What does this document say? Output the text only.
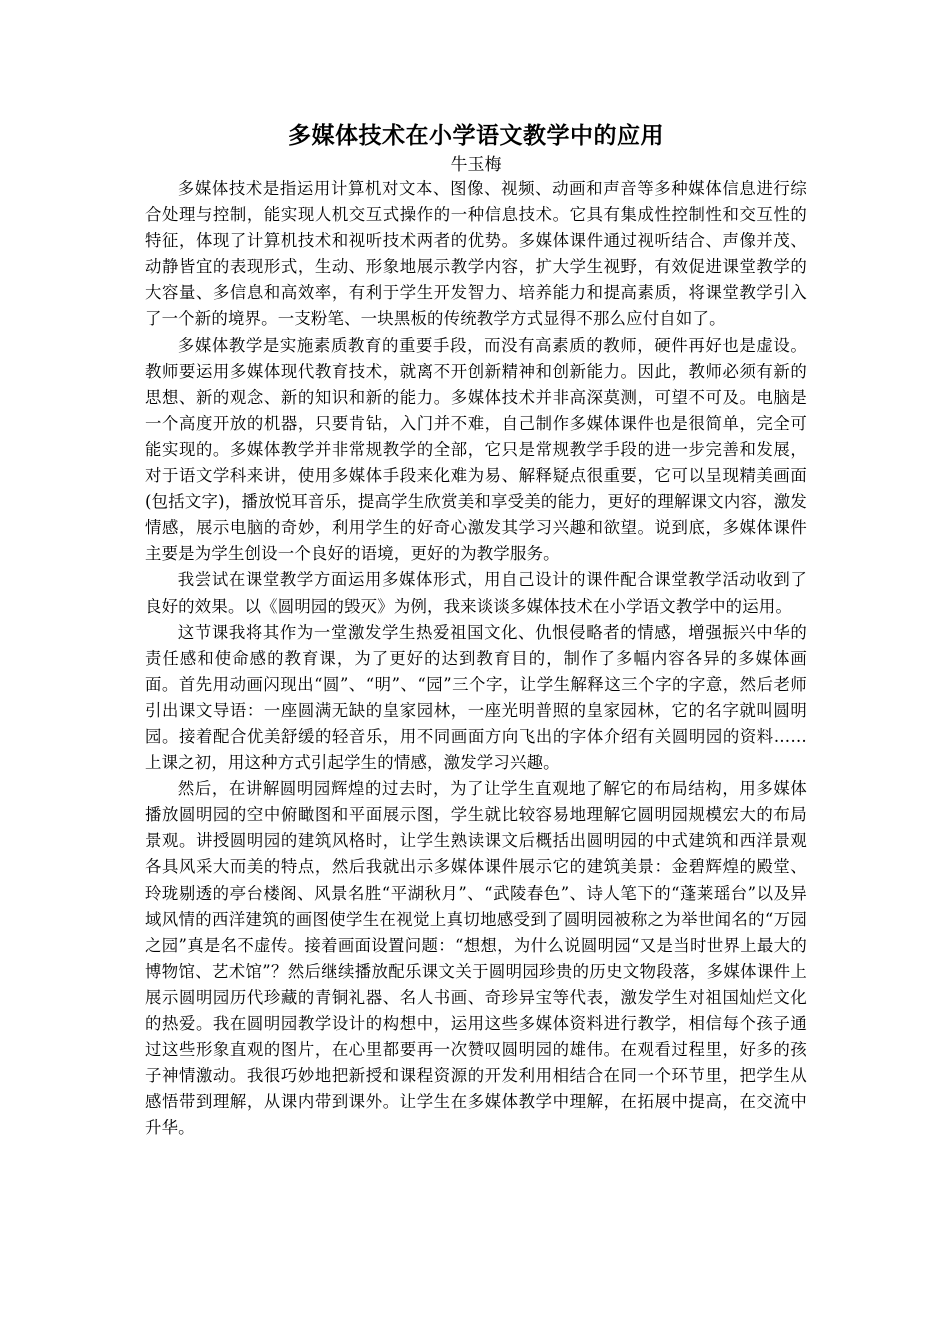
多媒体技术在小学语文教学中的应用

牛玉梅

多媒体技术是指运用计算机对文本、图像、视频、动画和声音等多种媒体信息进行综合处理与控制，能实现人机交互式操作的一种信息技术。它具有集成性控制性和交互性的特征，体现了计算机技术和视听技术两者的优势。多媒体课件通过视听结合、声像并茂、动静皆宜的表现形式，生动、形象地展示教学内容，扩大学生视野，有效促进课堂教学的大容量、多信息和高效率，有利于学生开发智力、培养能力和提高素质，将课堂教学引入了一个新的境界。一支粉笔、一块黑板的传统教学方式显得不那么应付自如了。

多媒体教学是实施素质教育的重要手段，而没有高素质的教师，硬件再好也是虚设。教师要运用多媒体现代教育技术，就离不开创新精神和创新能力。因此，教师必须有新的思想、新的观念、新的知识和新的能力。多媒体技术并非高深莫测，可望不可及。电脑是一个高度开放的机器，只要肯钻，入门并不难，自己制作多媒体课件也是很简单，完全可能实现的。多媒体教学并非常规教学的全部，它只是常规教学手段的进一步完善和发展，对于语文学科来讲，使用多媒体手段来化难为易、解释疑点很重要，它可以呈现精美画面(包括文字)，播放悦耳音乐，提高学生欣赏美和享受美的能力，更好的理解课文内容，激发情感，展示电脑的奇妙，利用学生的好奇心激发其学习兴趣和欲望。说到底，多媒体课件主要是为学生创设一个良好的语境，更好的为教学服务。

我尝试在课堂教学方面运用多媒体形式，用自己设计的课件配合课堂教学活动收到了良好的效果。以《圆明园的毁灭》为例，我来谈谈多媒体技术在小学语文教学中的运用。

这节课我将其作为一堂激发学生热爱祖国文化、仇恨侵略者的情感，增强振兴中华的责任感和使命感的教育课，为了更好的达到教育目的，制作了多幅内容各异的多媒体画面。首先用动画闪现出“圆”、“明”、“园”三个字，让学生解释这三个字的字意，然后老师引出课文导语：一座圆满无缺的皇家园林，一座光明普照的皇家园林，它的名字就叫圆明园。接着配合优美舒缓的轻音乐，用不同画面方向飞出的字体介绍有关圆明园的资料……上课之初，用这种方式引起学生的情感，激发学习兴趣。

然后，在讲解圆明园辉煌的过去时，为了让学生直观地了解它的布局结构，用多媒体播放圆明园的空中俯瞰图和平面展示图，学生就比较容易地理解它圆明园规模宏大的布局景观。讲授圆明园的建筑风格时，让学生熟读课文后概括出圆明园的中式建筑和西洋景观各具风采大而美的特点，然后我就出示多媒体课件展示它的建筑美景：金碧辉煌的殿堂、玲珑剔透的亭台楼阁、风景名胜“平湖秋月”、“武陵春色”、诗人笔下的“蓬莱瑶台”以及异域风情的西洋建筑的画图使学生在视觉上真切地感受到了圆明园被称之为举世闻名的“万园之园”真是名不虚传。接着画面设置问题：“想想，为什么说圆明园“又是当时世界上最大的博物馆、艺术馆”？然后继续播放配乐课文关于圆明园珍贵的历史文物段落，多媒体课件上展示圆明园历代珍藏的青铜礼器、名人书画、奇珍异宝等代表，激发学生对祖国灿烂文化的热爱。我在圆明园教学设计的构想中，运用这些多媒体资料进行教学，相信每个孩子通过这些形象直观的图片，在心里都要再一次赞叹圆明园的雄伟。在观看过程里，好多的孩子神情激动。我很巧妙地把新授和课程资源的开发利用相结合在同一个环节里，把学生从感悟带到理解，从课内带到课外。让学生在多媒体教学中理解，在拓展中提高，在交流中升华。
